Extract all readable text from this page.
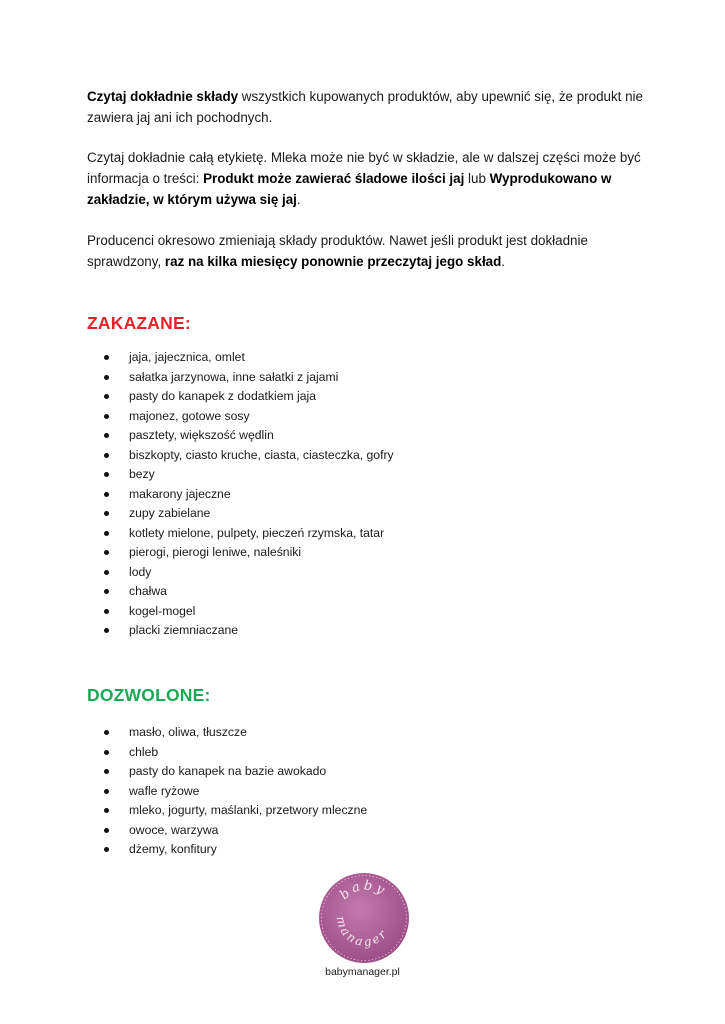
Czytaj dokładnie składy wszystkich kupowanych produktów, aby upewnić się, że produkt nie zawiera jaj ani ich pochodnych.

Czytaj dokładnie całą etykietę. Mleka może nie być w składzie, ale w dalszej części może być informacja o treści: Produkt może zawierać śladowe ilości jaj lub Wyprodukowano w zakładzie, w którym używa się jaj.

Producenci okresowo zmieniają składy produktów. Nawet jeśli produkt jest dokładnie sprawdzony, raz na kilka miesięcy ponownie przeczytaj jego skład.

ZAKAZANE:
jaja, jajecznica, omlet
sałatka jarzynowa, inne sałatki z jajami
pasty do kanapek z dodatkiem jaja
majonez, gotowe sosy
pasztety, większość wędlin
biszkopty, ciasto kruche, ciasta, ciasteczka, gofry
bezy
makarony jajeczne
zupy zabielane
kotlety mielone, pulpety, pieczeń rzymska, tatar
pierogi, pierogi leniwe, naleśniki
lody
chałwa
kogel-mogel
placki ziemniaczane
DOZWOLONE:
masło, oliwa, tłuszcze
chleb
pasty do kanapek na bazie awokado
wafle ryżowe
mleko, jogurty, maślanki, przetwory mleczne
owoce, warzywa
dżemy, konfitury
baby
manager
babymanager.pl
